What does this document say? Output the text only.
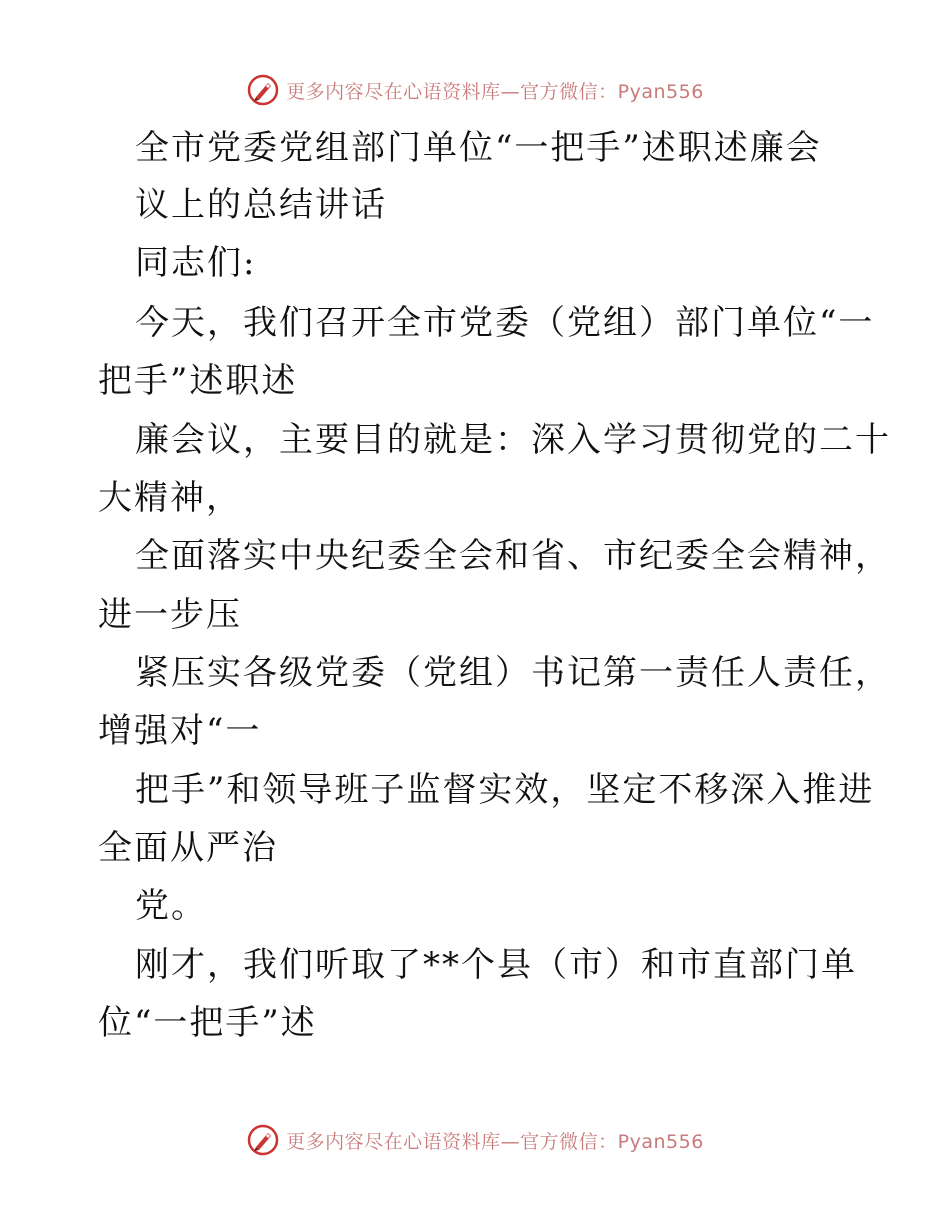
更多内容尽在心语资料库—官方微信：Pyan556
全市党委党组部门单位“一把手”述职述廉会
议上的总结讲话
同志们:
今天，我们召开全市党委（党组）部门单位“一
把手”述职述
廉会议，主要目的就是：深入学习贯彻党的二十
大精神，
全面落实中央纪委全会和省、市纪委全会精神，
进一步压
紧压实各级党委（党组）书记第一责任人责任，
增强对“一
把手”和领导班子监督实效，坚定不移深入推进
全面从严治
党。
刚才，我们听取了**个县（市）和市直部门单
位“一把手”述
更多内容尽在心语资料库—官方微信：Pyan556
